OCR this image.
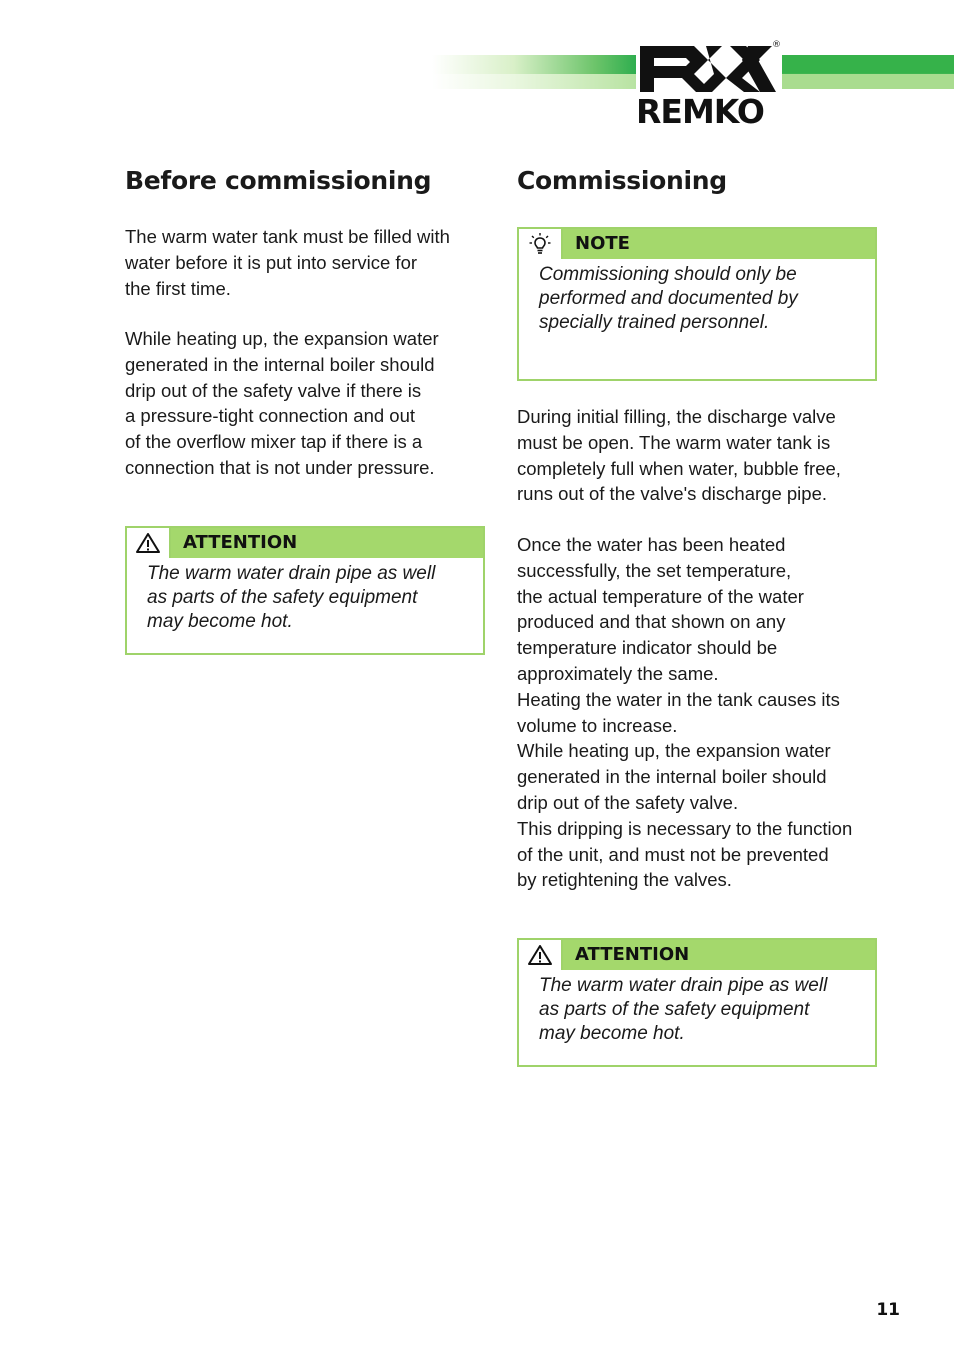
REMKO
®
Before commissioning

The warm water tank must be filled with
water before it is put into service for
the first time.

While heating up, the expansion water
generated in the internal boiler should
drip out of the safety valve if there is
a pressure-tight connection and out
of the overflow mixer tap if there is a
connection that is not under pressure.

ATTENTION

The warm water drain pipe as well
as parts of the safety equipment
may become hot.

Commissioning
NOTE

Commissioning should only be
performed and documented by
specially trained personnel.

During initial filling, the discharge valve
must be open. The warm water tank is
completely full when water, bubble free,
runs out of the valve's discharge pipe.

Once the water has been heated
successfully, the set temperature,
the actual temperature of the water
produced and that shown on any
temperature indicator should be
approximately the same.
Heating the water in the tank causes its
volume to increase.
While heating up, the expansion water
generated in the internal boiler should
drip out of the safety valve.
This dripping is necessary to the function
of the unit, and must not be prevented
by retightening the valves.

ATTENTION

The warm water drain pipe as well
as parts of the safety equipment
may become hot.

11
